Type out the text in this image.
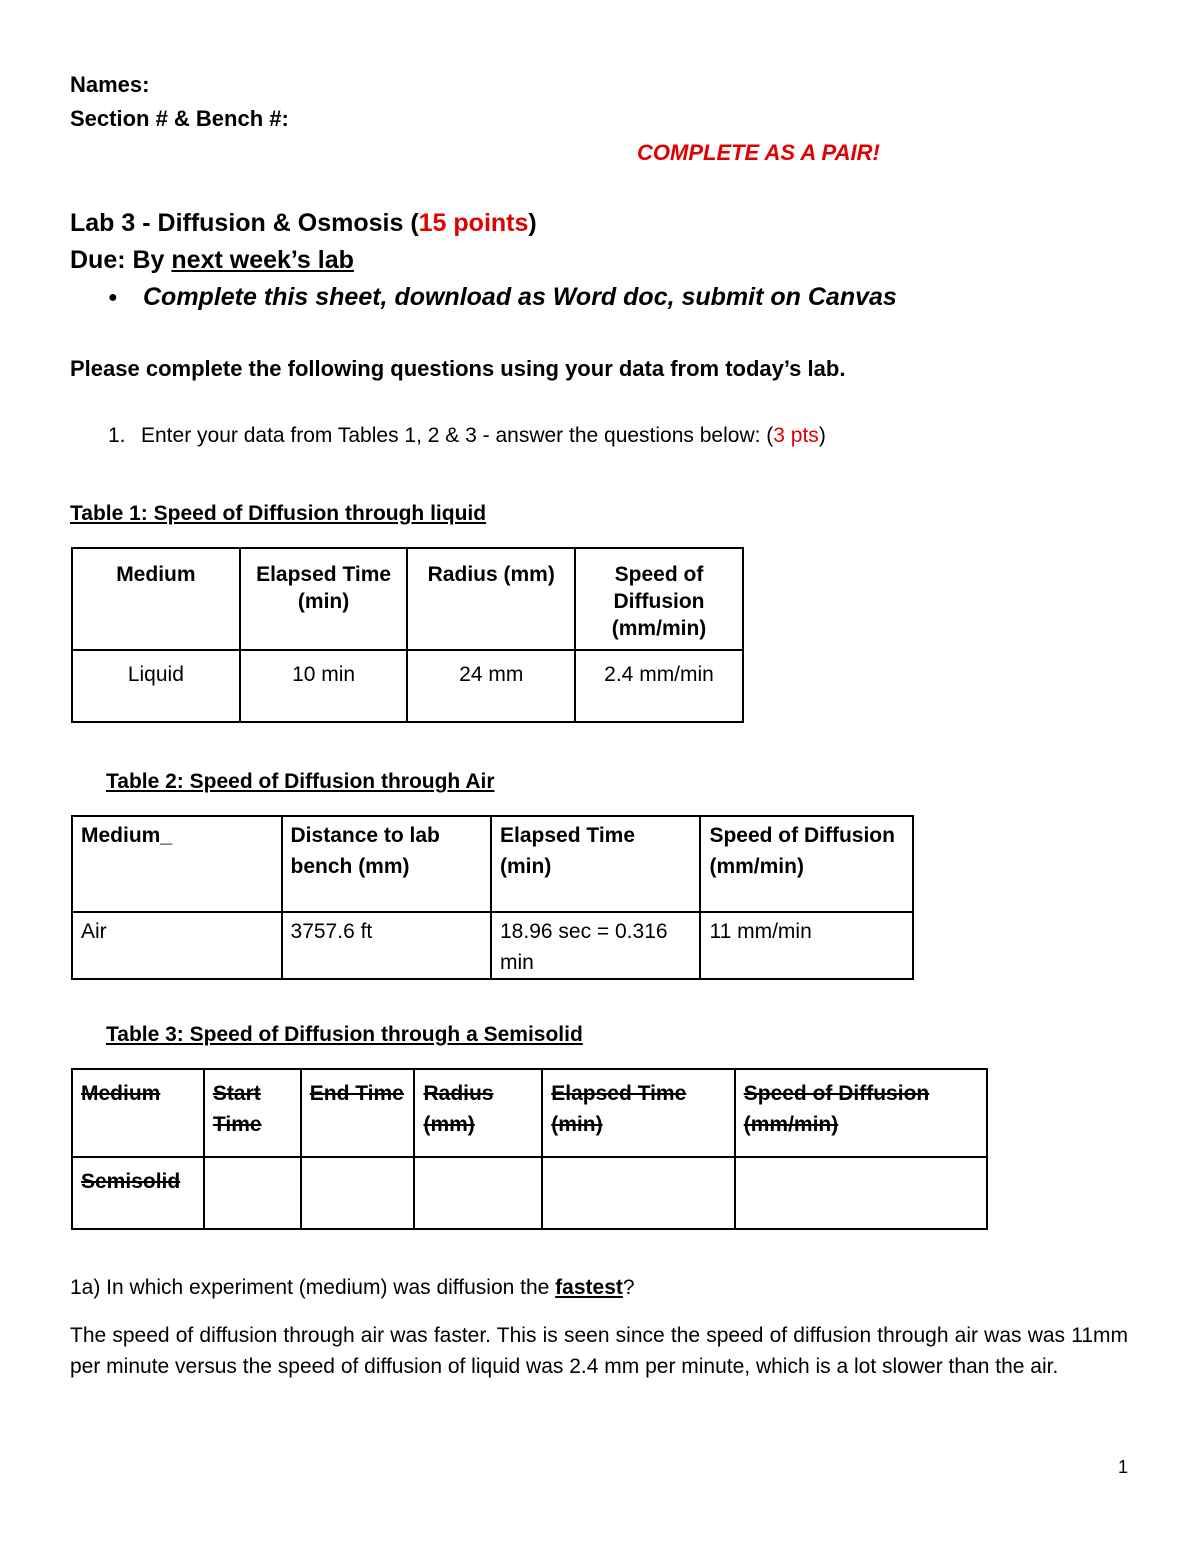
Names:
Section # & Bench #:
COMPLETE AS A PAIR!
Lab 3 - Diffusion & Osmosis (15 points)
Due: By next week’s lab
● Complete this sheet, download as Word doc, submit on Canvas
Please complete the following questions using your data from today’s lab.
1. Enter your data from Tables 1, 2 & 3 - answer the questions below: (3 pts)
Table 1: Speed of Diffusion through liquid
Medium	Elapsed Time (min)	Radius (mm)	Speed of Diffusion (mm/min)
Liquid	10 min	24 mm	2.4 mm/min
Table 2: Speed of Diffusion through Air
Medium_	Distance to lab bench (mm)	Elapsed Time (min)	Speed of Diffusion (mm/min)
Air	3757.6 ft	18.96 sec = 0.316 min	11 mm/min
Table 3: Speed of Diffusion through a Semisolid
Medium	Start Time	End Time	Radius (mm)	Elapsed Time (min)	Speed of Diffusion (mm/min)
Semisolid					
1a) In which experiment (medium) was diffusion the fastest?
The speed of diffusion through air was faster. This is seen since the speed of diffusion through air was was 11mm per minute versus the speed of diffusion of liquid was 2.4 mm per minute, which is a lot slower than the air.
1
